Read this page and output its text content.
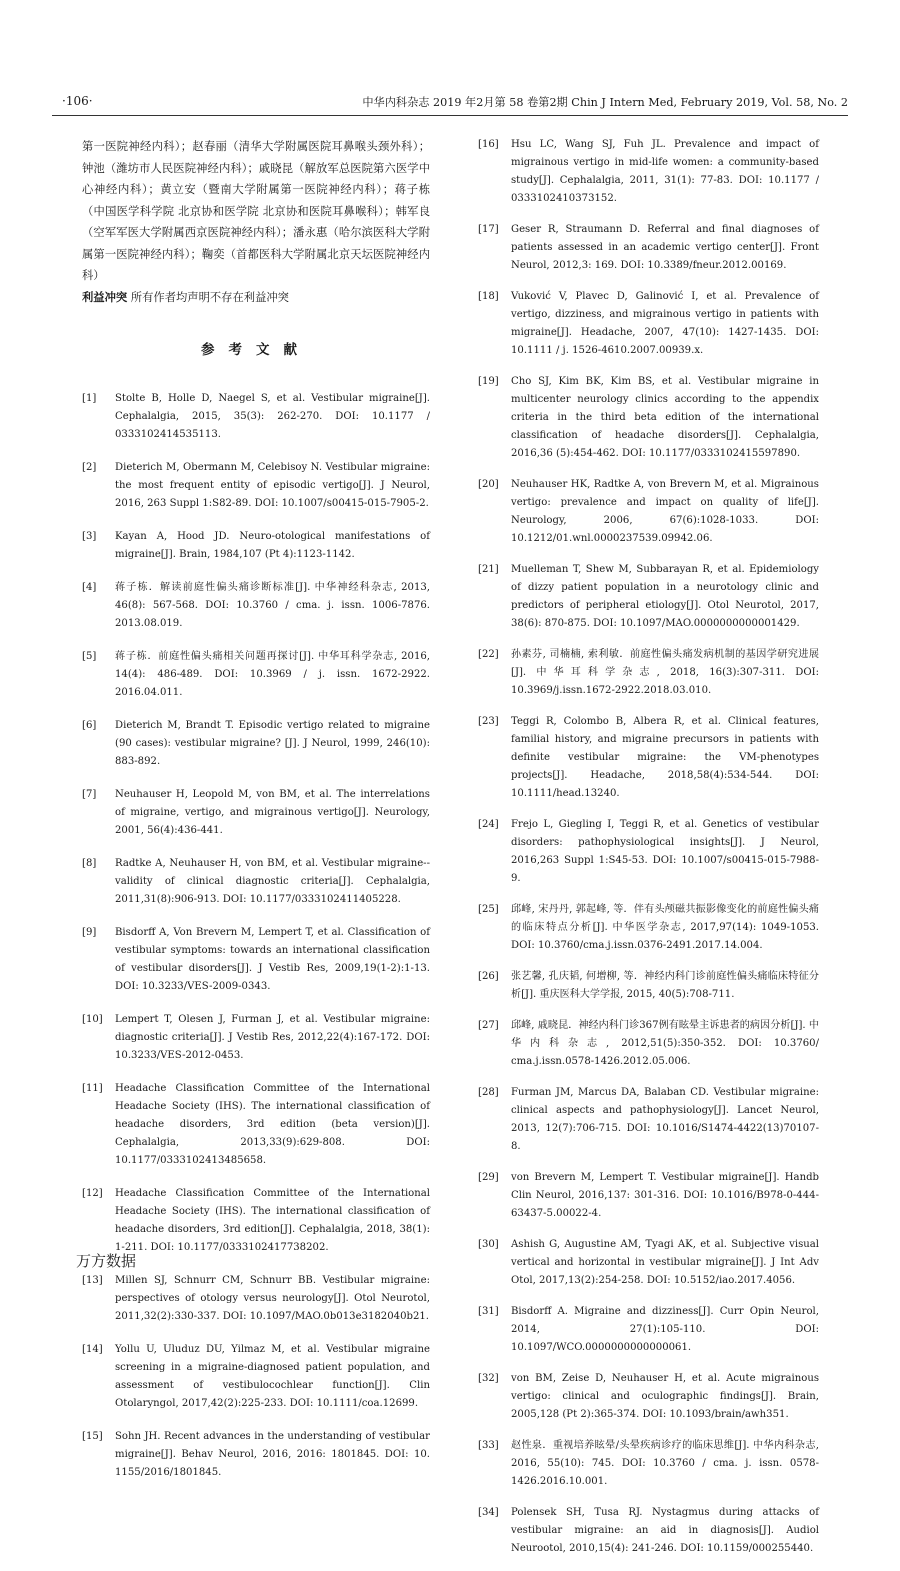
·106·	中华内科杂志 2019 年2月第 58 卷第2期 Chin J Intern Med, February 2019, Vol. 58, No. 2

第一医院神经内科）；赵春丽（清华大学附属医院耳鼻喉头颈外科）；钟池（潍坊市人民医院神经内科）；戚晓昆（解放军总医院第六医学中心神经内科）；黄立安（暨南大学附属第一医院神经内科）；蒋子栋（中国医学科学院 北京协和医学院 北京协和医院耳鼻喉科）；韩军良（空军军医大学附属西京医院神经内科）；潘永惠（哈尔滨医科大学附属第一医院神经内科）；鞠奕（首都医科大学附属北京天坛医院神经内科）

利益冲突 所有作者均声明不存在利益冲突

参考文献
[1] Stolte B, Holle D, Naegel S, et al. Vestibular migraine[J]. Cephalalgia, 2015, 35(3): 262-270. DOI: 10.1177 / 0333102414535113.
[2] Dieterich M, Obermann M, Celebisoy N. Vestibular migraine: the most frequent entity of episodic vertigo[J]. J Neurol, 2016, 263 Suppl 1:S82-89. DOI: 10.1007/s00415-015-7905-2.
[3] Kayan A, Hood JD. Neuro-otological manifestations of migraine[J]. Brain, 1984,107 (Pt 4):1123-1142.
[4] 蒋子栋．解读前庭性偏头痛诊断标准[J]. 中华神经科杂志, 2013, 46(8): 567-568. DOI: 10.3760 / cma. j. issn. 1006-7876. 2013.08.019.
[5] 蒋子栋．前庭性偏头痛相关问题再探讨[J]. 中华耳科学杂志, 2016, 14(4): 486-489. DOI: 10.3969 / j. issn. 1672-2922. 2016.04.011.
[6] Dieterich M, Brandt T. Episodic vertigo related to migraine (90 cases): vestibular migraine? [J]. J Neurol, 1999, 246(10): 883-892.
[7] Neuhauser H, Leopold M, von BM, et al. The interrelations of migraine, vertigo, and migrainous vertigo[J]. Neurology, 2001, 56(4):436-441.
[8] Radtke A, Neuhauser H, von BM, et al. Vestibular migraine--validity of clinical diagnostic criteria[J]. Cephalalgia, 2011,31(8):906-913. DOI: 10.1177/0333102411405228.
[9] Bisdorff A, Von Brevern M, Lempert T, et al. Classification of vestibular symptoms: towards an international classification of vestibular disorders[J]. J Vestib Res, 2009,19(1-2):1-13. DOI: 10.3233/VES-2009-0343.
[10] Lempert T, Olesen J, Furman J, et al. Vestibular migraine: diagnostic criteria[J]. J Vestib Res, 2012,22(4):167-172. DOI: 10.3233/VES-2012-0453.
[11] Headache Classification Committee of the International Headache Society (IHS). The international classification of headache disorders, 3rd edition (beta version)[J]. Cephalalgia, 2013,33(9):629-808. DOI: 10.1177/0333102413485658.
[12] Headache Classification Committee of the International Headache Society (IHS). The international classification of headache disorders, 3rd edition[J]. Cephalalgia, 2018, 38(1): 1-211. DOI: 10.1177/0333102417738202.
[13] Millen SJ, Schnurr CM, Schnurr BB. Vestibular migraine: perspectives of otology versus neurology[J]. Otol Neurotol, 2011,32(2):330-337. DOI: 10.1097/MAO.0b013e3182040b21.
[14] Yollu U, Uluduz DU, Yilmaz M, et al. Vestibular migraine screening in a migraine-diagnosed patient population, and assessment of vestibulocochlear function[J]. Clin Otolaryngol, 2017,42(2):225-233. DOI: 10.1111/coa.12699.
[15] Sohn JH. Recent advances in the understanding of vestibular migraine[J]. Behav Neurol, 2016, 2016: 1801845. DOI: 10. 1155/2016/1801845.
[16] Hsu LC, Wang SJ, Fuh JL. Prevalence and impact of migrainous vertigo in mid-life women: a community-based study[J]. Cephalalgia, 2011, 31(1): 77-83. DOI: 10.1177 / 0333102410373152.
[17] Geser R, Straumann D. Referral and final diagnoses of patients assessed in an academic vertigo center[J]. Front Neurol, 2012,3: 169. DOI: 10.3389/fneur.2012.00169.
[18] Vuković V, Plavec D, Galinović I, et al. Prevalence of vertigo, dizziness, and migrainous vertigo in patients with migraine[J]. Headache, 2007, 47(10): 1427-1435. DOI: 10.1111 / j. 1526-4610.2007.00939.x.
[19] Cho SJ, Kim BK, Kim BS, et al. Vestibular migraine in multicenter neurology clinics according to the appendix criteria in the third beta edition of the international classification of headache disorders[J]. Cephalalgia, 2016,36 (5):454-462. DOI: 10.1177/0333102415597890.
[20] Neuhauser HK, Radtke A, von Brevern M, et al. Migrainous vertigo: prevalence and impact on quality of life[J]. Neurology, 2006, 67(6):1028-1033. DOI: 10.1212/01.wnl.0000237539.09942.06.
[21] Muelleman T, Shew M, Subbarayan R, et al. Epidemiology of dizzy patient population in a neurotology clinic and predictors of peripheral etiology[J]. Otol Neurotol, 2017, 38(6): 870-875. DOI: 10.1097/MAO.0000000000001429.
[22] 孙素芬, 司楠楠, 索利敏．前庭性偏头痛发病机制的基因学研究进展[J]. 中华耳科学杂志, 2018, 16(3):307-311. DOI: 10.3969/j.issn.1672-2922.2018.03.010.
[23] Teggi R, Colombo B, Albera R, et al. Clinical features, familial history, and migraine precursors in patients with definite vestibular migraine: the VM-phenotypes projects[J]. Headache, 2018,58(4):534-544. DOI: 10.1111/head.13240.
[24] Frejo L, Giegling I, Teggi R, et al. Genetics of vestibular disorders: pathophysiological insights[J]. J Neurol, 2016,263 Suppl 1:S45-53. DOI: 10.1007/s00415-015-7988-9.
[25] 邱峰, 宋丹丹, 郭起峰, 等．伴有头颅磁共振影像变化的前庭性偏头痛的临床特点分析[J]. 中华医学杂志, 2017,97(14): 1049-1053. DOI: 10.3760/cma.j.issn.0376-2491.2017.14.004.
[26] 张艺馨, 孔庆韬, 何增柳, 等．神经内科门诊前庭性偏头痛临床特征分析[J]. 重庆医科大学学报, 2015, 40(5):708-711.
[27] 邱峰, 戚晓昆．神经内科门诊367例有眩晕主诉患者的病因分析[J]. 中华内科杂志, 2012,51(5):350-352. DOI: 10.3760/ cma.j.issn.0578-1426.2012.05.006.
[28] Furman JM, Marcus DA, Balaban CD. Vestibular migraine: clinical aspects and pathophysiology[J]. Lancet Neurol, 2013, 12(7):706-715. DOI: 10.1016/S1474-4422(13)70107-8.
[29] von Brevern M, Lempert T. Vestibular migraine[J]. Handb Clin Neurol, 2016,137: 301-316. DOI: 10.1016/B978-0-444- 63437-5.00022-4.
[30] Ashish G, Augustine AM, Tyagi AK, et al. Subjective visual vertical and horizontal in vestibular migraine[J]. J Int Adv Otol, 2017,13(2):254-258. DOI: 10.5152/iao.2017.4056.
[31] Bisdorff A. Migraine and dizziness[J]. Curr Opin Neurol, 2014, 27(1):105-110. DOI: 10.1097/WCO.0000000000000061.
[32] von BM, Zeise D, Neuhauser H, et al. Acute migrainous vertigo: clinical and oculographic findings[J]. Brain, 2005,128 (Pt 2):365-374. DOI: 10.1093/brain/awh351.
[33] 赵性泉．重视培养眩晕/头晕疾病诊疗的临床思维[J]. 中华内科杂志, 2016, 55(10): 745. DOI: 10.3760 / cma. j. issn. 0578-1426.2016.10.001.
[34] Polensek SH, Tusa RJ. Nystagmus during attacks of vestibular migraine: an aid in diagnosis[J]. Audiol Neurootol, 2010,15(4): 241-246. DOI: 10.1159/000255440.
万方数据
